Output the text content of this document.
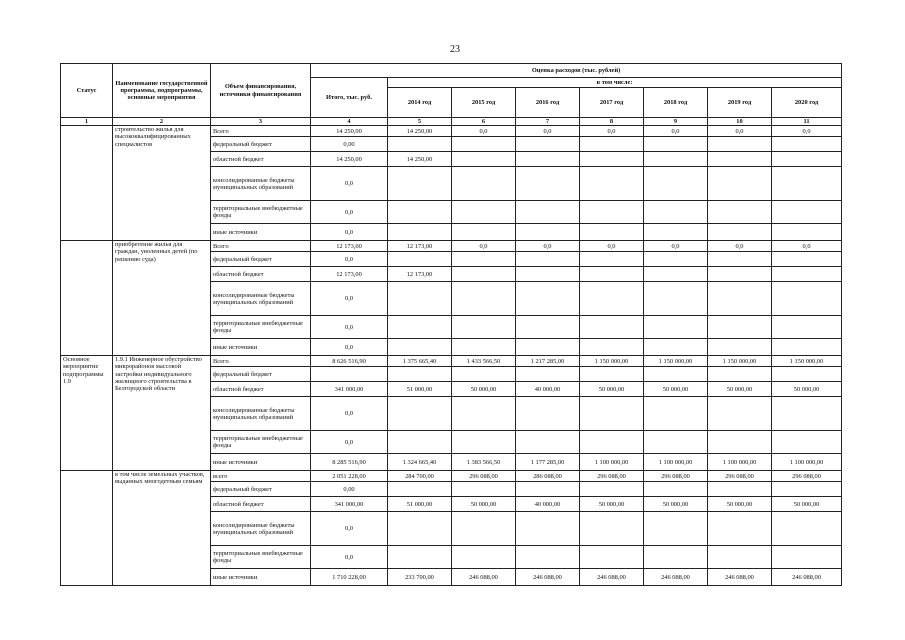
23
Статус	Наименование государственной программы, подпрограммы, основные мероприятия	Объем финансирования, источники финансирования	Оценка расходов (тыс. рублей)							
			Итого, тыс. руб.	в том числе:						
				2014 год	2015 год	2016 год	2017 год	2018 год	2019 год	2020 год
1	2	3	4	5	6	7	8	9	10	11
	строительство жилья для высококвалифицированных специалистов	Всего	14 250,00	14 250,00	0,0	0,0	0,0	0,0	0,0	0,0
		федеральный бюджет	0,00							
		областной бюджет	14 250,00	14 250,00						
		консолидированные бюджеты муниципальных образований	0,0							
		территориальные внебюджетные фонды	0,0							
		иные источники	0,0							
	приобретение жилья для граждан, уволенных детей (по решению суда)	Всего	12 173,00	12 173,00	0,0	0,0	0,0	0,0	0,0	0,0
		федеральный бюджет	0,0							
		областной бюджет	12 173,00	12 173,00						
		консолидированные бюджеты муниципальных образований	0,0							
		территориальные внебюджетные фонды	0,0							
		иные источники	0,0							
Основное мероприятие подпрограммы 1.9	1.9.1 Инженерное обустройство микрорайонов массовой застройки индивидуального жилищного строительства в Белгородской области	Всего	8 626 516,90	1 375 665,40	1 433 566,50	1 217 285,00	1 150 000,00	1 150 000,00	1 150 000,00	1 150 000,00
		федеральный бюджет								
		областной бюджет	341 000,00	51 000,00	50 000,00	40 000,00	50 000,00	50 000,00	50 000,00	50 000,00
		консолидированные бюджеты муниципальных образований	0,0							
		территориальные внебюджетные фонды	0,0							
		иные источники	8 285 516,90	1 324 665,40	1 383 566,50	1 177 285,00	1 100 000,00	1 100 000,00	1 100 000,00	1 100 000,00
	в том числе земельных участков, выданных многодетным семьям	всего	2 051 228,00	284 700,00	296 088,00	286 088,00	296 088,00	296 088,00	296 088,00	296 088,00
		федеральный бюджет	0,00							
		областной бюджет	341 000,00	51 000,00	50 000,00	40 000,00	50 000,00	50 000,00	50 000,00	50 000,00
		консолидированные бюджеты муниципальных образований	0,0							
		территориальные внебюджетные фонды	0,0							
		иные источники	1 710 228,00	233 700,00	246 088,00	246 088,00	246 088,00	246 088,00	246 088,00	246 088,00
